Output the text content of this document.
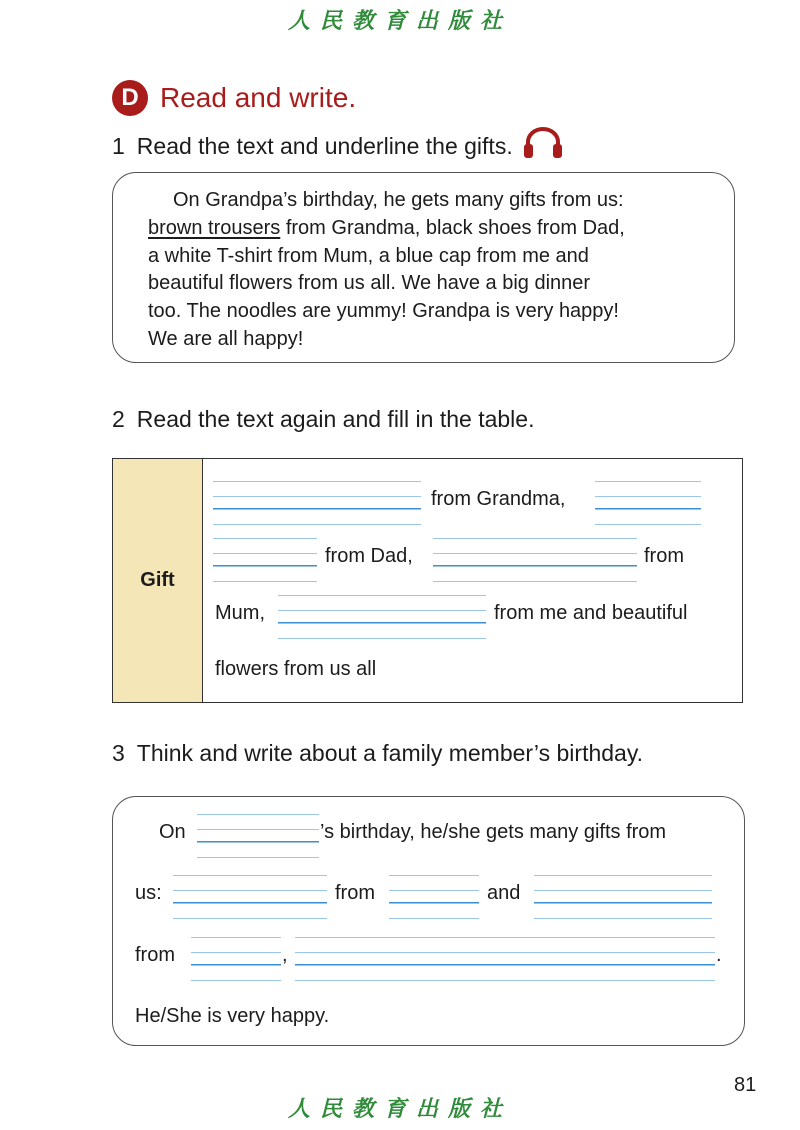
人民教育出版社
D Read and write.
1 Read the text and underline the gifts.
On Grandpa’s birthday, he gets many gifts from us:
brown trousers from Grandma, black shoes from Dad,
a white T-shirt from Mum, a blue cap from me and
beautiful flowers from us all. We have a big dinner
too. The noodles are yummy! Grandpa is very happy!
We are all happy!
2 Read the text again and fill in the table.
Gift
from Grandma,
from Dad,	from
Mum,	from me and beautiful
flowers from us all
3 Think and write about a family member’s birthday.
On	’s birthday, he/she gets many gifts from
us:	from	and
from	,	.
He/She is very happy.
81
人民教育出版社
